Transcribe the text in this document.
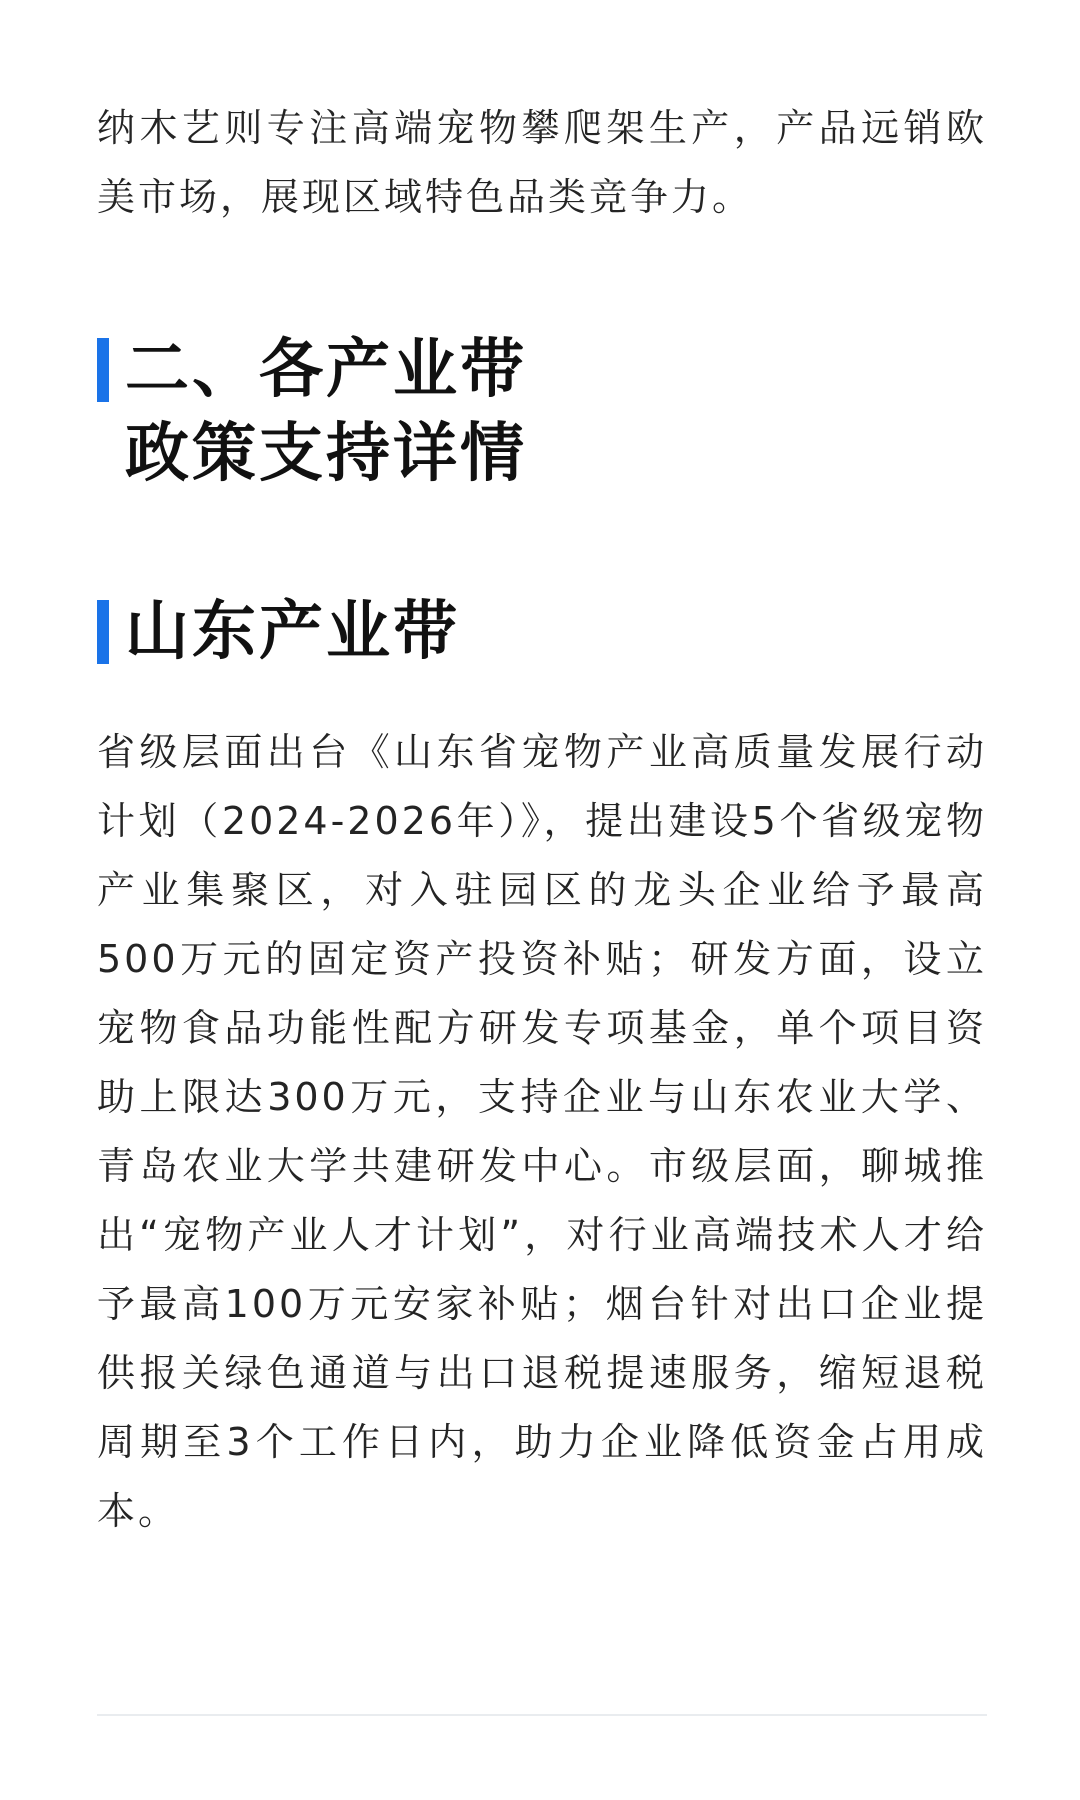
纳木艺则专注高端宠物攀爬架生产，产品远销欧美市场，展现区域特色品类竞争力。

二、各产业带
政策支持详情
山东产业带

省级层面出台《山东省宠物产业高质量发展行动计划（2024-2026年）》，提出建设5个省级宠物产业集聚区，对入驻园区的龙头企业给予最高500万元的固定资产投资补贴；研发方面，设立宠物食品功能性配方研发专项基金，单个项目资助上限达300万元，支持企业与山东农业大学、青岛农业大学共建研发中心。市级层面，聊城推出“宠物产业人才计划”，对行业高端技术人才给予最高100万元安家补贴；烟台针对出口企业提供报关绿色通道与出口退税提速服务，缩短退税周期至3个工作日内，助力企业降低资金占用成本。
